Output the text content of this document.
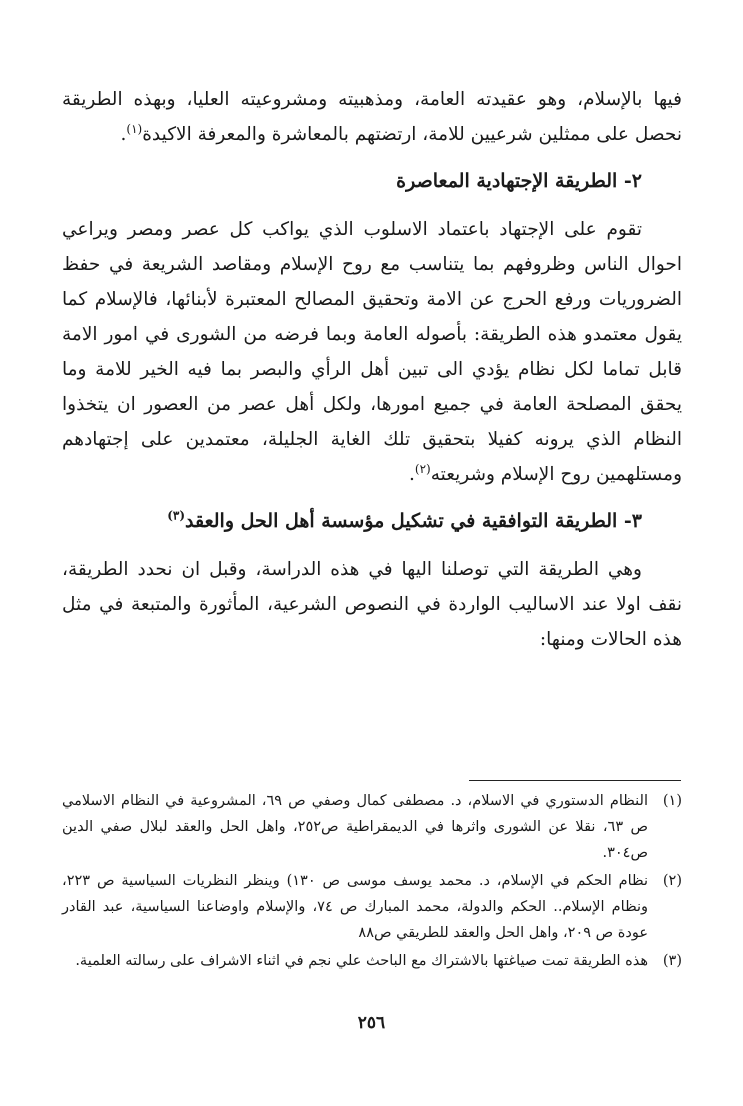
فيها بالإسلام، وهو عقيدته العامة، ومذهبيته ومشروعيته العليا، وبهذه الطريقة نحصل على ممثلين شرعيين للامة، ارتضتهم بالمعاشرة والمعرفة الاكيدة$^{(١)}$.

٢- الطريقة الإجتهادية المعاصرة

تقوم على الإجتهاد باعتماد الاسلوب الذي يواكب كل عصر ومصر ويراعي احوال الناس وظروفهم بما يتناسب مع روح الإسلام ومقاصد الشريعة في حفظ الضروريات ورفع الحرج عن الامة وتحقيق المصالح المعتبرة لأبنائها، فالإسلام كما يقول معتمدو هذه الطريقة: بأصوله العامة وبما فرضه من الشورى في امور الامة قابل تماما لكل نظام يؤدي الى تبين أهل الرأي والبصر بما فيه الخير للامة وما يحقق المصلحة العامة في جميع امورها، ولكل أهل عصر من العصور ان يتخذوا النظام الذي يرونه كفيلا بتحقيق تلك الغاية الجليلة، معتمدين على إجتهادهم ومستلهمين روح الإسلام وشريعته$^{(٢)}$.

٣- الطريقة التوافقية في تشكيل مؤسسة أهل الحل والعقد$^{(٣)}$

وهي الطريقة التي توصلنا اليها في هذه الدراسة، وقبل ان نحدد الطريقة، نقف اولا عند الاساليب الواردة في النصوص الشرعية، المأثورة والمتبعة في مثل هذه الحالات ومنها:

(١)
النظام الدستوري في الاسلام، د. مصطفى كمال وصفي ص ٦٩، المشروعية في النظام الاسلامي ص ٦٣، نقلا عن الشورى واثرها في الديمقراطية ص٢٥٢، واهل الحل والعقد لبلال صفي الدين ص٣٠٤.
(٢)
نظام الحكم في الإسلام، د. محمد يوسف موسى ص ١٣٠) وينظر النظريات السياسية ص ٢٢٣، ونظام الإسلام.. الحكم والدولة، محمد المبارك ص ٧٤، والإسلام واوضاعنا السياسية، عبد القادر عودة ص ٢٠٩، واهل الحل والعقد للطريقي ص٨٨
(٣)
هذه الطريقة تمت صياغتها بالاشتراك مع الباحث علي نجم في اثناء الاشراف على رسالته العلمية.
٢٥٦
